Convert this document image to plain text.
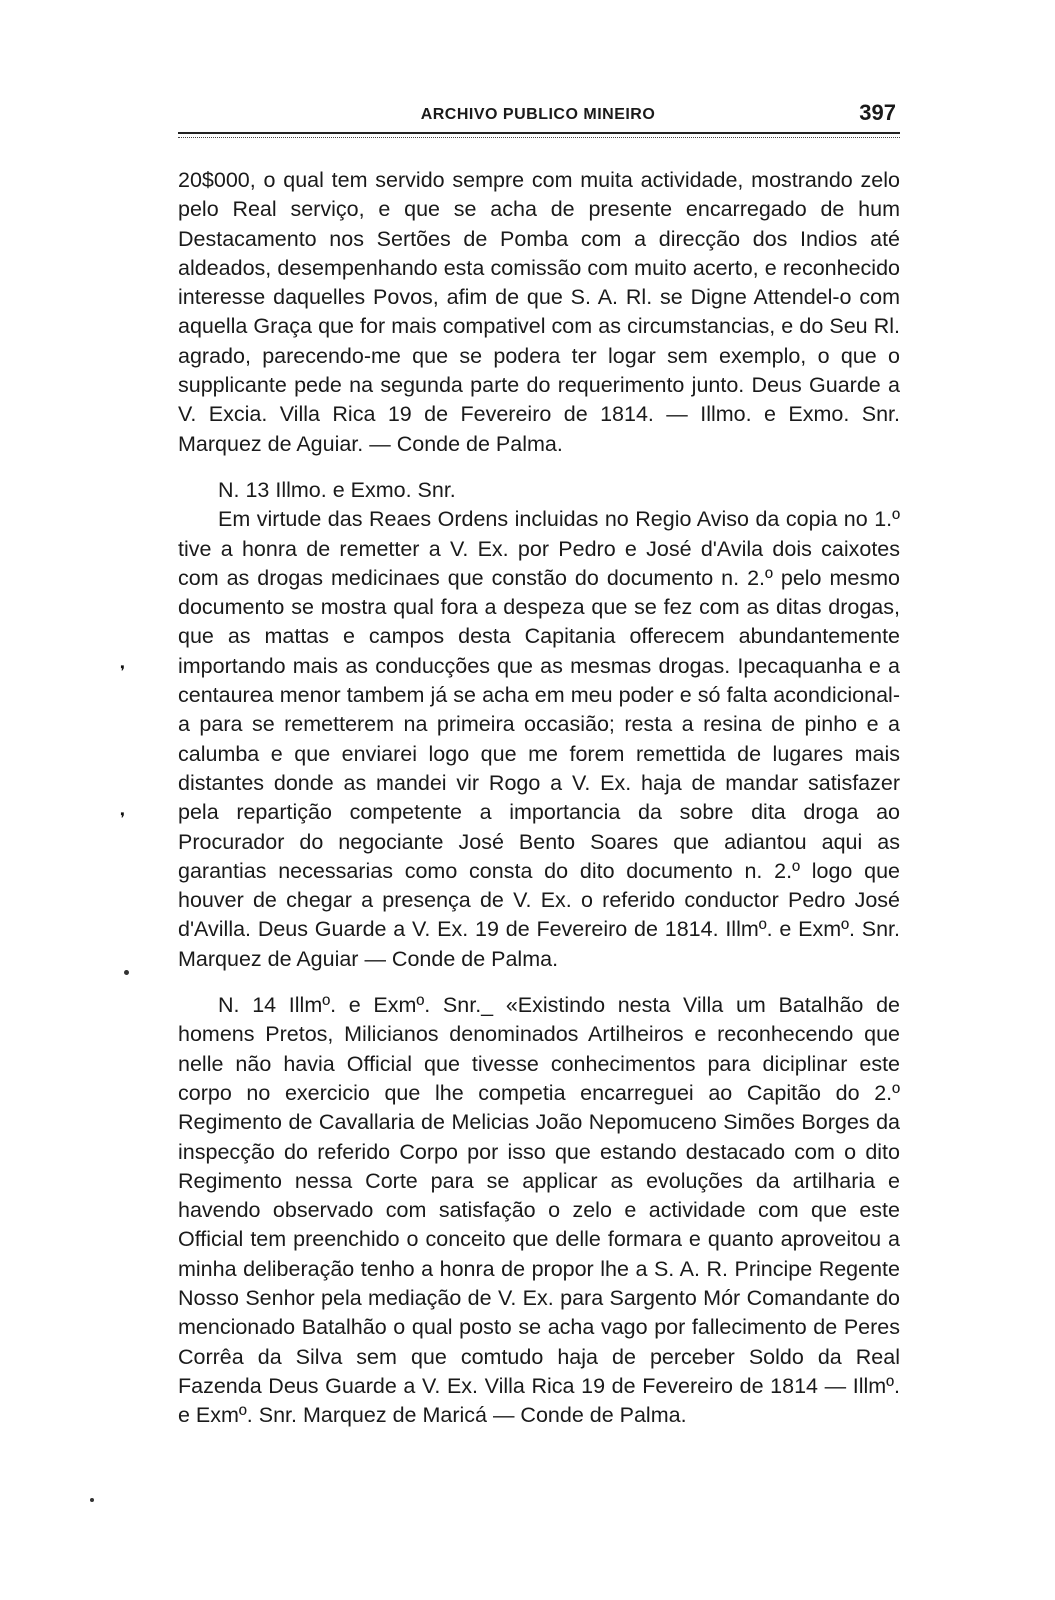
ARCHIVO PUBLICO MINEIRO	397

20$000, o qual tem servido sempre com muita actividade, mostrando zelo pelo Real serviço, e que se acha de presente encarregado de hum Destacamento nos Sertões de Pomba com a direcção dos Indios até aldeados, desempenhando esta comissão com muito acerto, e reconhecido interesse daquelles Povos, afim de que S. A. Rl. se Digne Attendel-o com aquella Graça que for mais compativel com as circumstancias, e do Seu Rl. agrado, parecendo-me que se podera ter logar sem exemplo, o que o supplicante pede na segunda parte do requerimento junto. Deus Guarde a V. Excia. Villa Rica 19 de Fevereiro de 1814. — Illmo. e Exmo. Snr. Marquez de Aguiar. — Conde de Palma.

N. 13 Illmo. e Exmo. Snr.

Em virtude das Reaes Ordens incluidas no Regio Aviso da copia no 1.º tive a honra de remetter a V. Ex. por Pedro e José d'Avila dois caixotes com as drogas medicinaes que constão do documento n. 2.º pelo mesmo documento se mostra qual fora a despeza que se fez com as ditas drogas, que as mattas e campos desta Capitania offerecem abundantemente importando mais as conducções que as mesmas drogas. Ipecaquanha e a centaurea menor tambem já se acha em meu poder e só falta acondicional-a para se remetterem na primeira occasião; resta a resina de pinho e a calumba e que enviarei logo que me forem remettida de lugares mais distantes donde as mandei vir Rogo a V. Ex. haja de mandar satisfazer pela repartição competente a importancia da sobre dita droga ao Procurador do negociante José Bento Soares que adiantou aqui as garantias necessarias como consta do dito documento n. 2.º logo que houver de chegar a presença de V. Ex. o referido conductor Pedro José d'Avilla. Deus Guarde a V. Ex. 19 de Fevereiro de 1814. Illmº. e Exmº. Snr. Marquez de Aguiar — Conde de Palma.

N. 14 Illmº. e Exmº. Snr._ «Existindo nesta Villa um Batalhão de homens Pretos, Milicianos denominados Artilheiros e reconhecendo que nelle não havia Official que tivesse conhecimentos para diciplinar este corpo no exercicio que lhe competia encarreguei ao Capitão do 2.º Regimento de Cavallaria de Melicias João Nepomuceno Simões Borges da inspecção do referido Corpo por isso que estando destacado com o dito Regimento nessa Corte para se applicar as evoluções da artilharia e havendo observado com satisfação o zelo e actividade com que este Official tem preenchido o conceito que delle formara e quanto aproveitou a minha deliberação tenho a honra de propor lhe a S. A. R. Principe Regente Nosso Senhor pela mediação de V. Ex. para Sargento Mór Comandante do mencionado Batalhão o qual posto se acha vago por fallecimento de Peres Corrêa da Silva sem que comtudo haja de perceber Soldo da Real Fazenda Deus Guarde a V. Ex. Villa Rica 19 de Fevereiro de 1814 — Illmº. e Exmº. Snr. Marquez de Maricá — Conde de Palma.

❜
❜
